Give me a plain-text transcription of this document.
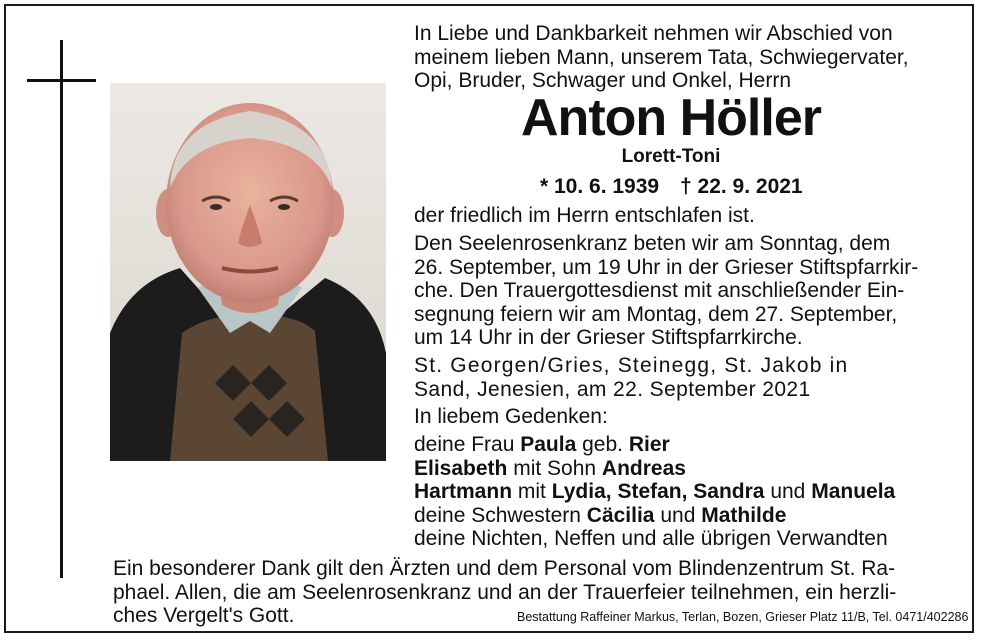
In Liebe und Dankbarkeit nehmen wir Abschied von
meinem lieben Mann, unserem Tata, Schwiegervater,
Opi, Bruder, Schwager und Onkel, Herrn
Anton Höller
Lorett-Toni
* 10. 6. 1939 † 22. 9. 2021
der friedlich im Herrn entschlafen ist.
Den Seelenrosenkranz beten wir am Sonntag, dem
26. September, um 19 Uhr in der Grieser Stiftspfarrkir-
che. Den Trauergottesdienst mit anschließender Ein-
segnung feiern wir am Montag, dem 27. September,
um 14 Uhr in der Grieser Stiftspfarrkirche.
St. Georgen/Gries, Steinegg, St. Jakob in
Sand, Jenesien, am 22. September 2021
In liebem Gedenken:
deine Frau Paula geb. Rier
Elisabeth mit Sohn Andreas
Hartmann mit Lydia, Stefan, Sandra und Manuela
deine Schwestern Cäcilia und Mathilde
deine Nichten, Neffen und alle übrigen Verwandten
Ein besonderer Dank gilt den Ärzten und dem Personal vom Blindenzentrum St. Ra-
phael. Allen, die am Seelenrosenkranz und an der Trauerfeier teilnehmen, ein herzli-
ches Vergelt's Gott.	Bestattung Raffeiner Markus, Terlan, Bozen, Grieser Platz 11/B, Tel. 0471/402286
